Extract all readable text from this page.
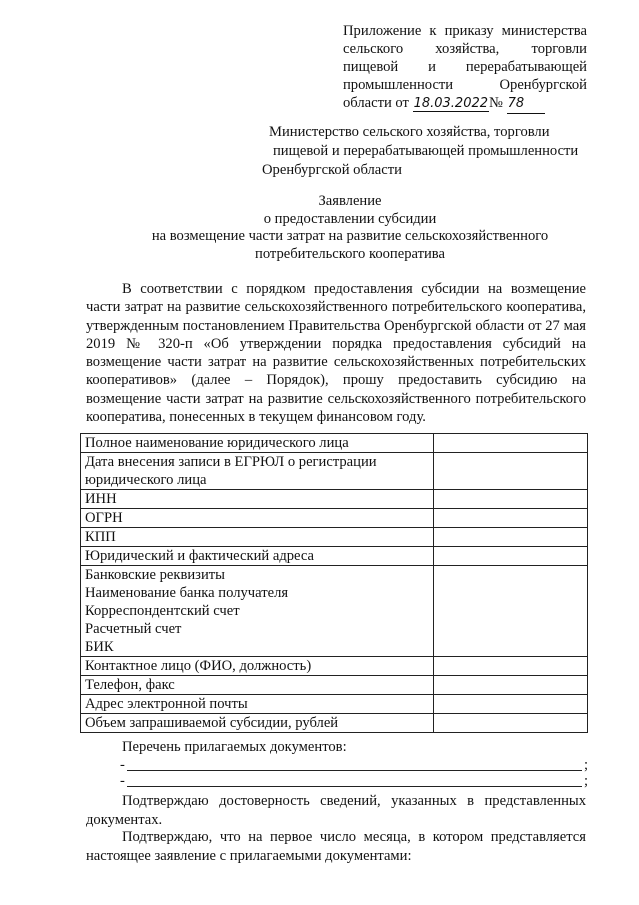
Приложение к приказу министерства
сельского хозяйства, торговли
пищевой и перерабатывающей
промышленности Оренбургской
области от 18.03.2022№ 78
Министерство сельского хозяйства, торговли
пищевой и перерабатывающей промышленности
Оренбургской области
Заявление
о предоставлении субсидии
на возмещение части затрат на развитие сельскохозяйственного
потребительского кооператива

В соответствии с порядком предоставления субсидии на возмещение части затрат на развитие сельскохозяйственного потребительского кооператива, утвержденным постановлением Правительства Оренбургской области от 27 мая 2019 № 320-п «Об утверждении порядка предоставления субсидий на возмещение части затрат на развитие сельскохозяйственных потребительских кооперативов» (далее – Порядок), прошу предоставить субсидию на возмещение части затрат на развитие сельскохозяйственного потребительского кооператива, понесенных в текущем финансовом году.

Полное наименование юридического лица	

Дата внесения записи в ЕГРЮЛ о регистрации
юридического лица	

ИНН	

ОГРН	

КПП	

Юридический и фактический адреса	

Банковские реквизиты
Наименование банка получателя
Корреспондентский счет
Расчетный счет
БИК	

Контактное лицо (ФИО, должность)	

Телефон, факс	

Адрес электронной почты	

Объем запрашиваемой субсидии, рублей	

Перечень прилагаемых документов:
-	;
-	;

Подтверждаю достоверность сведений, указанных в представленных документах.

Подтверждаю, что на первое число месяца, в котором представляется настоящее заявление с прилагаемыми документами:
